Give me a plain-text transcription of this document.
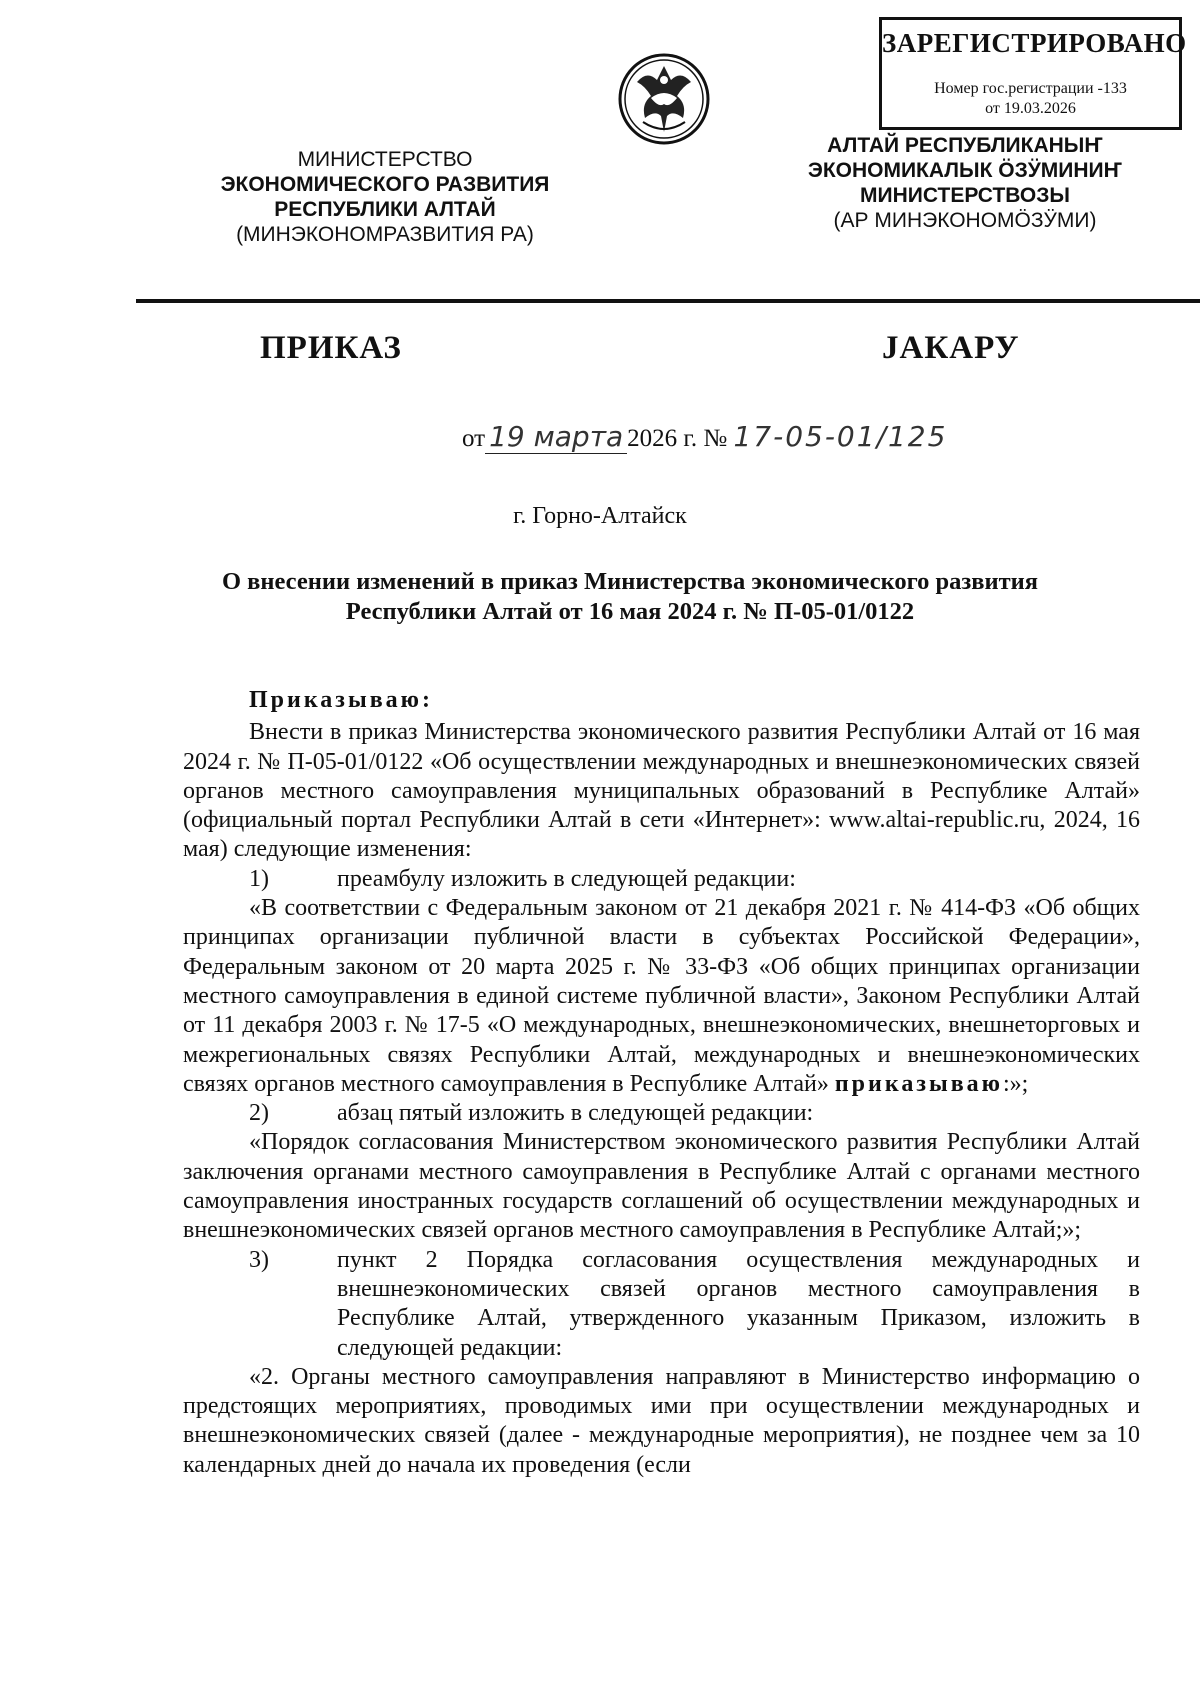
ЗАРЕГИСТРИРОВАНО
Номер гос.регистрации -133
от 19.03.2026
МИНИСТЕРСТВО
ЭКОНОМИЧЕСКОГО РАЗВИТИЯ
РЕСПУБЛИКИ АЛТАЙ
(МИНЭКОНОМРАЗВИТИЯ РА)
АЛТАЙ РЕСПУБЛИКАНЫҤ
ЭКОНОМИКАЛЫК ӦЗӰМИНИҤ
МИНИСТЕРСТВОЗЫ
(АР МИНЭКОНОМӦЗӰМИ)
ПРИКАЗ	ЈАКАРУ
от 19 марта 2026 г. № 17-05-01/125
г. Горно-Алтайск
О внесении изменений в приказ Министерства экономического развития
Республики Алтай от 16 мая 2024 г. № П-05-01/0122
Приказываю:

Внести в приказ Министерства экономического развития Республики Алтай от 16 мая 2024 г. № П-05-01/0122 «Об осуществлении международных и внешнеэкономических связей органов местного самоуправления муниципальных образований в Республике Алтай» (официальный портал Республики Алтай в сети «Интернет»: www.altai-republic.ru, 2024, 16 мая) следующие изменения:

1)	преамбулу изложить в следующей редакции:

«В соответствии с Федеральным законом от 21 декабря 2021 г. № 414-ФЗ «Об общих принципах организации публичной власти в субъектах Российской Федерации», Федеральным законом от 20 марта 2025 г. № 33-ФЗ «Об общих принципах организации местного самоуправления в единой системе публичной власти», Законом Республики Алтай от 11 декабря 2003 г. № 17-5 «О международных, внешнеэкономических, внешнеторговых и межрегиональных связях Республики Алтай, международных и внешнеэкономических связях органов местного самоуправления в Республике Алтай» приказываю:»;

2)	абзац пятый изложить в следующей редакции:

«Порядок согласования Министерством экономического развития Республики Алтай заключения органами местного самоуправления в Республике Алтай с органами местного самоуправления иностранных государств соглашений об осуществлении международных и внешнеэкономических связей органов местного самоуправления в Республике Алтай;»;

3)	пункт 2 Порядка согласования осуществления международных и внешнеэкономических связей органов местного самоуправления в Республике Алтай, утвержденного указанным Приказом, изложить в следующей редакции:

«2. Органы местного самоуправления направляют в Министерство информацию о предстоящих мероприятиях, проводимых ими при осуществлении международных и внешнеэкономических связей (далее - международные мероприятия), не позднее чем за 10 календарных дней до начала их проведения (если
